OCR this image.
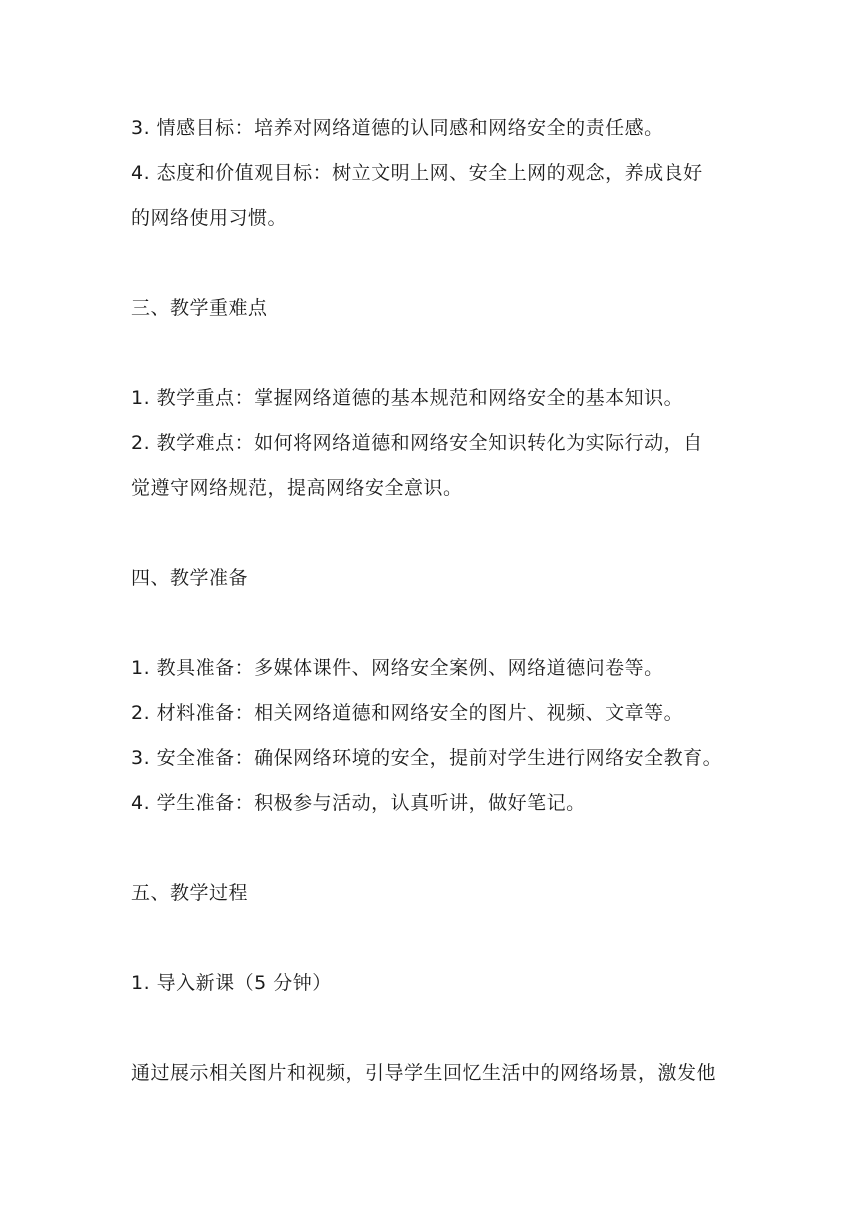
3. 情感目标：培养对网络道德的认同感和网络安全的责任感。
4. 态度和价值观目标：树立文明上网、安全上网的观念，养成良好
的网络使用习惯。
三、教学重难点
1. 教学重点：掌握网络道德的基本规范和网络安全的基本知识。
2. 教学难点：如何将网络道德和网络安全知识转化为实际行动，自
觉遵守网络规范，提高网络安全意识。
四、教学准备
1. 教具准备：多媒体课件、网络安全案例、网络道德问卷等。
2. 材料准备：相关网络道德和网络安全的图片、视频、文章等。
3. 安全准备：确保网络环境的安全，提前对学生进行网络安全教育。
4. 学生准备：积极参与活动，认真听讲，做好笔记。
五、教学过程
1. 导入新课（5 分钟）
通过展示相关图片和视频，引导学生回忆生活中的网络场景，激发他
